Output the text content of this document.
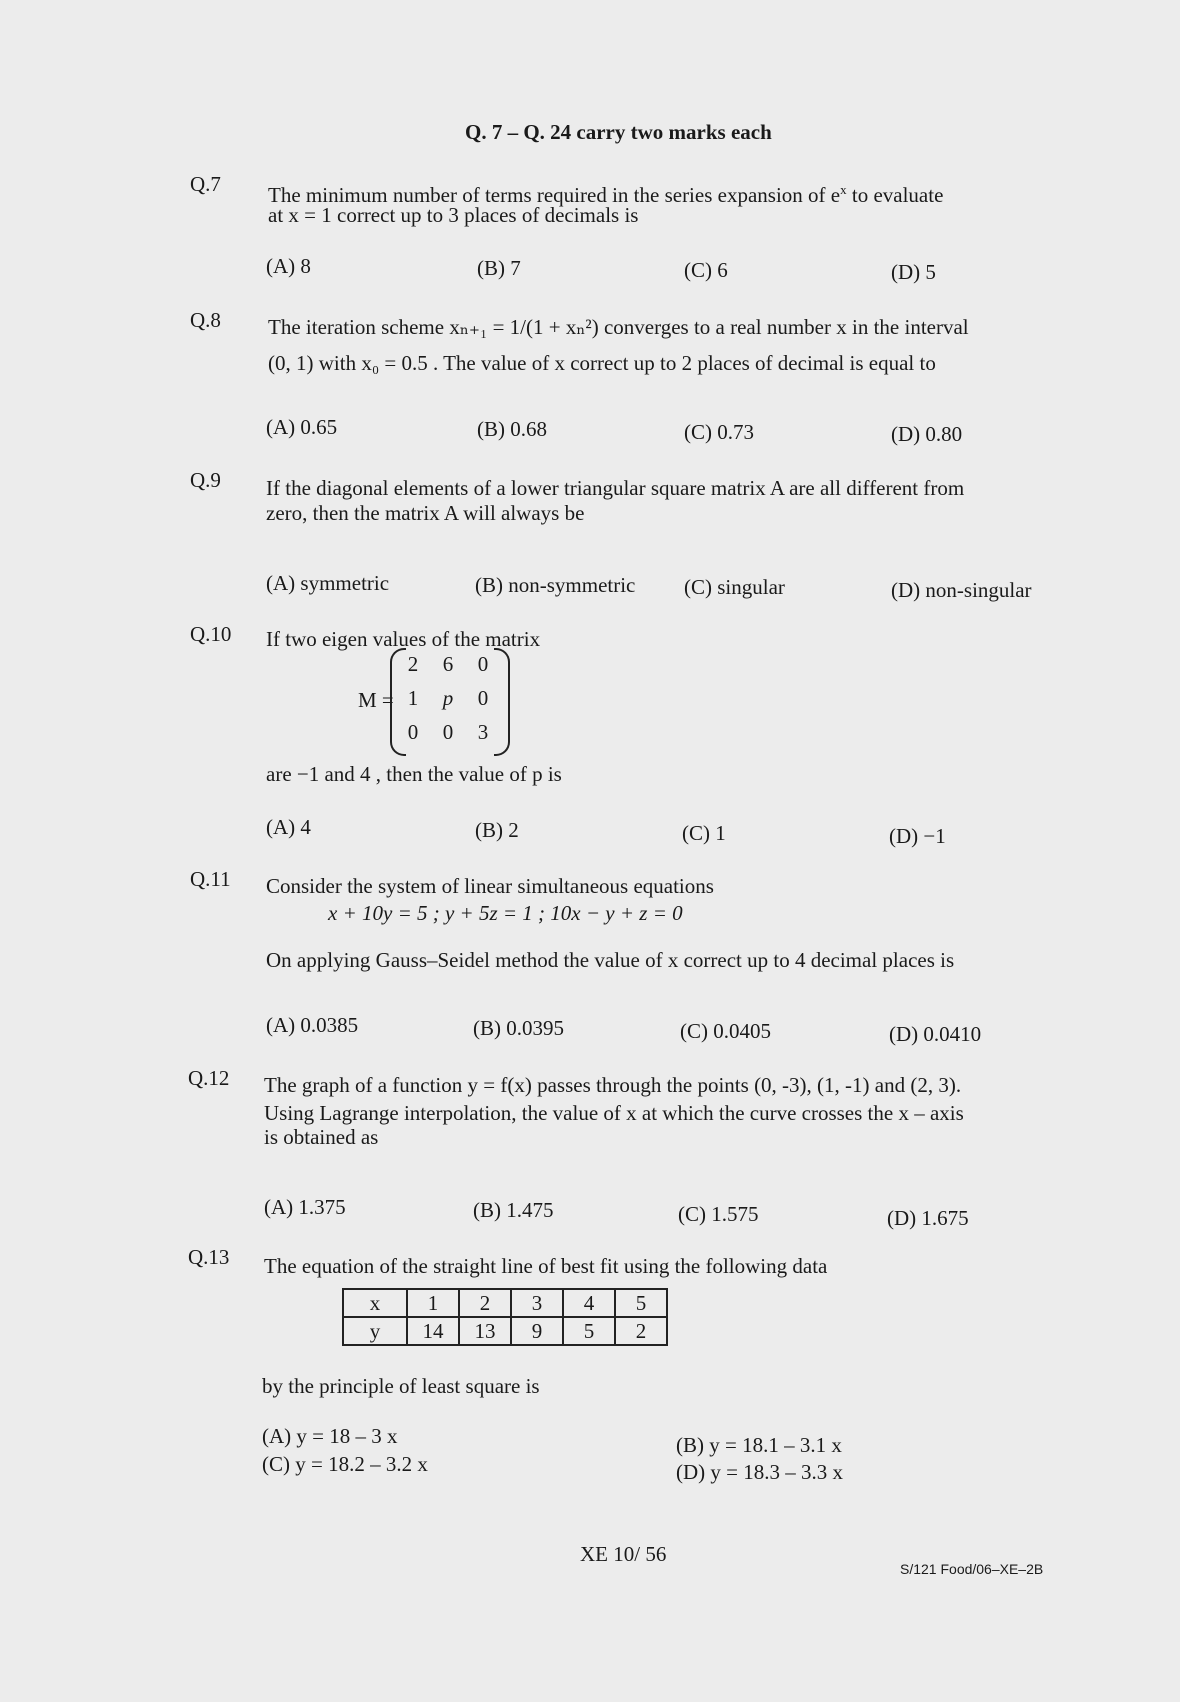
Q. 7 – Q. 24 carry two marks each
Q.7 The minimum number of terms required in the series expansion of $e^x$ to evaluate
at x = 1 correct up to 3 places of decimals is
(A) 8	(B) 7	(C) 6	(D) 5
Q.8 The iteration scheme xₙ₊₁ = 1/(1 + xₙ²) converges to a real number x in the interval
(0, 1) with x₀ = 0.5 . The value of x correct up to 2 places of decimal is equal to
(A) 0.65	(B) 0.68	(C) 0.73	(D) 0.80
Q.9 If the diagonal elements of a lower triangular square matrix A are all different from
zero, then the matrix A will always be
(A) symmetric	(B) non-symmetric (C) singular	(D) non-singular
Q.10 If two eigen values of the matrix
M =
2	6	0
1	p	0
0	0	3
are −1 and 4 , then the value of p is
(A) 4	(B) 2	(C) 1	(D) −1
Q.11 Consider the system of linear simultaneous equations
x + 10y = 5 ; y + 5z = 1 ; 10x − y + z = 0
On applying Gauss–Seidel method the value of x correct up to 4 decimal places is
(A) 0.0385	(B) 0.0395	(C) 0.0405	(D) 0.0410
Q.12 The graph of a function y = f(x) passes through the points (0, -3), (1, -1) and (2, 3).
Using Lagrange interpolation, the value of x at which the curve crosses the x – axis
is obtained as
(A) 1.375	(B) 1.475	(C) 1.575	(D) 1.675
Q.13 The equation of the straight line of best fit using the following data
x	1	2	3	4	5
y	14	13	9	5	2
by the principle of least square is
(A) y = 18 – 3 x
(C) y = 18.2 – 3.2 x
(B) y = 18.1 – 3.1 x
(D) y = 18.3 – 3.3 x
XE 10/ 56
S/121 Food/06–XE–2B
